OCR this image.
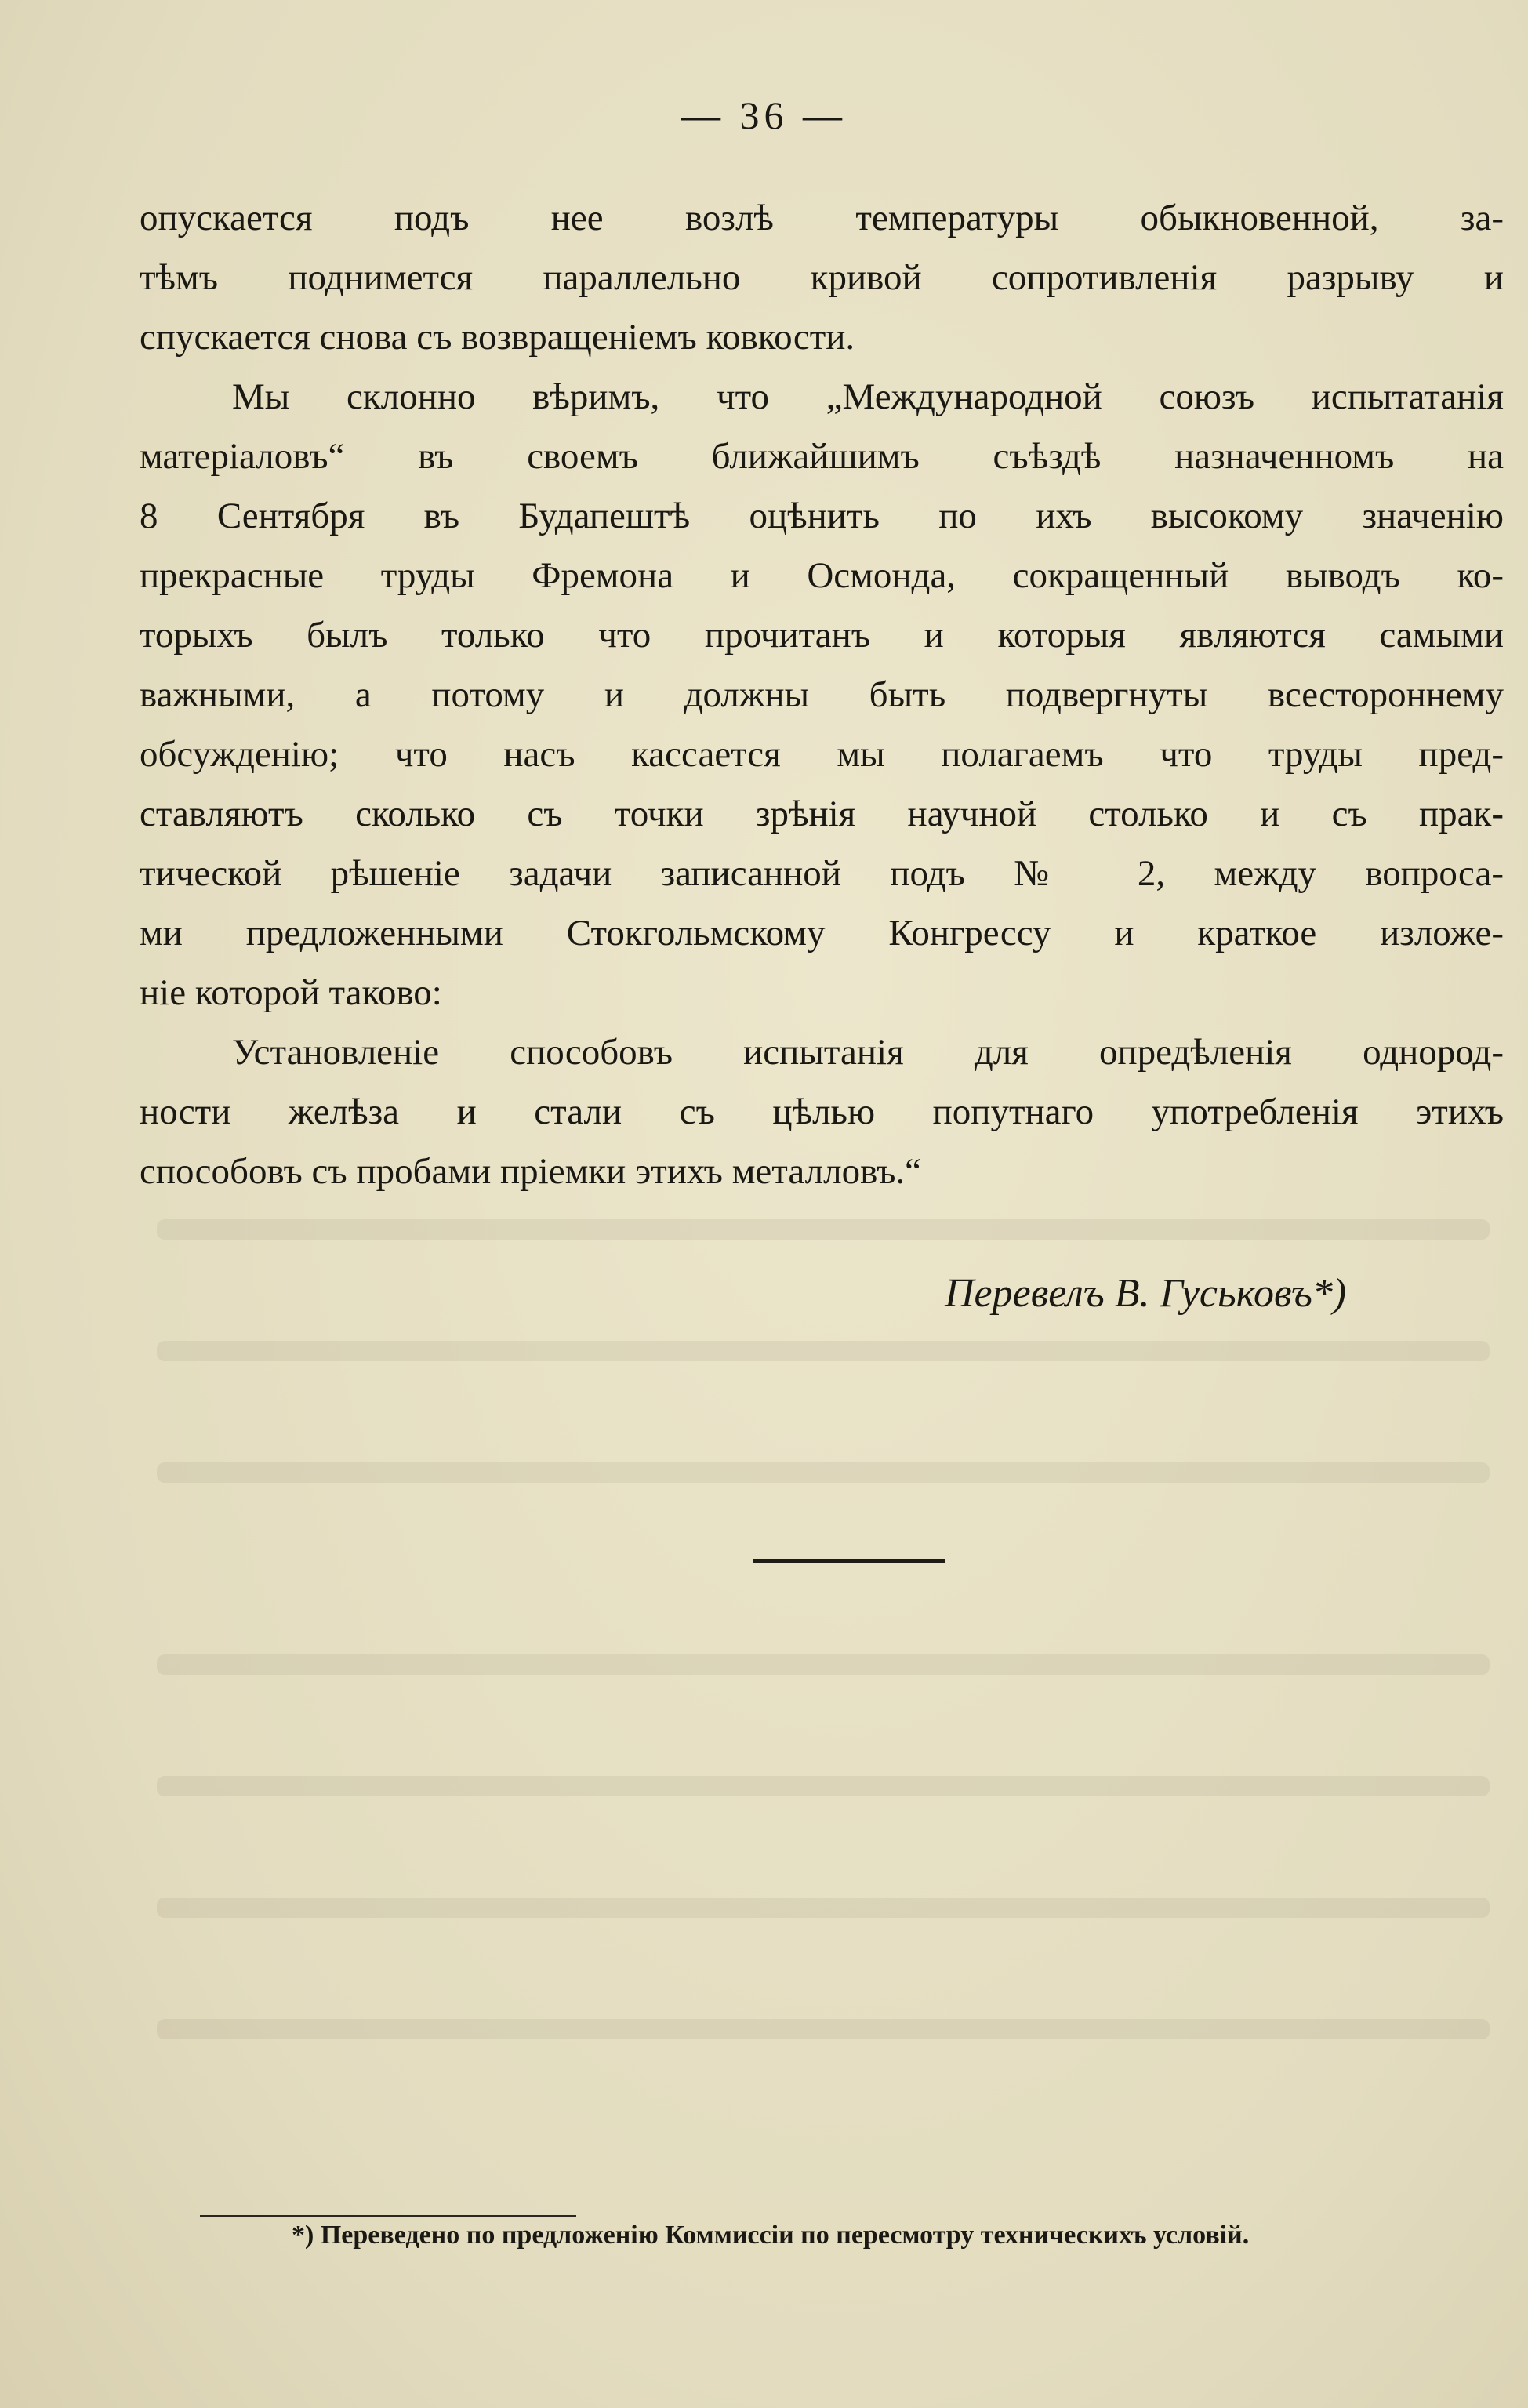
— 36 —
опускается подъ нее возлѣ температуры обыкновенной, за-
тѣмъ поднимется параллельно кривой сопротивленія разрыву и
спускается снова съ возвращеніемъ ковкости.
Мы склонно вѣримъ, что „Международной союзъ испытатанія
матеріаловъ“ въ своемъ ближайшимъ съѣздѣ назначенномъ на
8 Сентября въ Будапештѣ оцѣнить по ихъ высокому значенію
прекрасные труды Фремона и Осмонда, сокращенный выводъ ко-
торыхъ былъ только что прочитанъ и которыя являются самыми
важными, а потому и должны быть подвергнуты всестороннему
обсужденію; что насъ кассается мы полагаемъ что труды пред-
ставляютъ сколько съ точки зрѣнія научной столько и съ прак-
тической рѣшеніе задачи записанной подъ № 2, между вопроса-
ми предложенными Стокгольмскому Конгрессу и краткое изложе-
ніе которой таково:
Установленіе способовъ испытанія для опредѣленія однород-
ности желѣза и стали съ цѣлью попутнаго употребленія этихъ
способовъ съ пробами пріемки этихъ металловъ.“
Перевелъ В. Гуськовъ*)
*) Переведено по предложенію Коммиссіи по пересмотру техническихъ условій.
